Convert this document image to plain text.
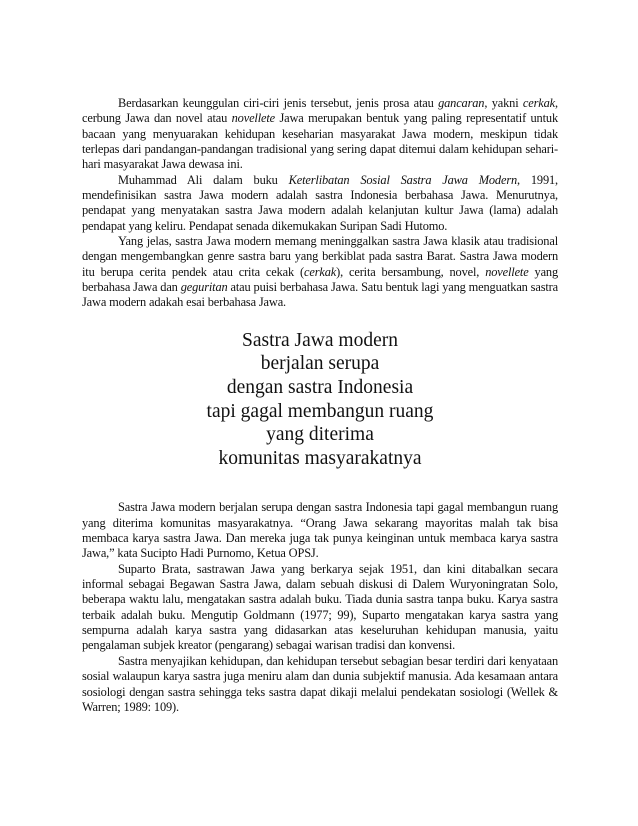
Berdasarkan keunggulan ciri-ciri jenis tersebut, jenis prosa atau gancaran, yakni cerkak, cerbung Jawa dan novel atau novellete Jawa merupakan bentuk yang paling representatif untuk bacaan yang menyuarakan kehidupan keseharian masyarakat Jawa modern, meskipun tidak terlepas dari pandangan-pandangan tradisional yang sering dapat ditemui dalam kehidupan sehari-hari masyarakat Jawa dewasa ini.

Muhammad Ali dalam buku Keterlibatan Sosial Sastra Jawa Modern, 1991, mendefinisikan sastra Jawa modern adalah sastra Indonesia berbahasa Jawa. Menurutnya, pendapat yang menyatakan sastra Jawa modern adalah kelanjutan kultur Jawa (lama) adalah pendapat yang keliru. Pendapat senada dikemukakan Suripan Sadi Hutomo.

Yang jelas, sastra Jawa modern memang meninggalkan sastra Jawa klasik atau tradisional dengan mengembangkan genre sastra baru yang berkiblat pada sastra Barat. Sastra Jawa modern itu berupa cerita pendek atau crita cekak (cerkak), cerita bersambung, novel, novellete yang berbahasa Jawa dan geguritan atau puisi berbahasa Jawa. Satu bentuk lagi yang menguatkan sastra Jawa modern adakah esai berbahasa Jawa.

Sastra Jawa modern
berjalan serupa
dengan sastra Indonesia
tapi gagal membangun ruang
yang diterima
komunitas masyarakatnya

Sastra Jawa modern berjalan serupa dengan sastra Indonesia tapi gagal membangun ruang yang diterima komunitas masyarakatnya. “Orang Jawa sekarang mayoritas malah tak bisa membaca karya sastra Jawa. Dan mereka juga tak punya keinginan untuk membaca karya sastra Jawa,” kata Sucipto Hadi Purnomo, Ketua OPSJ.

Suparto Brata, sastrawan Jawa yang berkarya sejak 1951, dan kini ditabalkan secara informal sebagai Begawan Sastra Jawa, dalam sebuah diskusi di Dalem Wuryoningratan Solo, beberapa waktu lalu, mengatakan sastra adalah buku. Tiada dunia sastra tanpa buku. Karya sastra terbaik adalah buku. Mengutip Goldmann (1977; 99), Suparto mengatakan karya sastra yang sempurna adalah karya sastra yang didasarkan atas keseluruhan kehidupan manusia, yaitu pengalaman subjek kreator (pengarang) sebagai warisan tradisi dan konvensi.

Sastra menyajikan kehidupan, dan kehidupan tersebut sebagian besar terdiri dari kenyataan sosial walaupun karya sastra juga meniru alam dan dunia subjektif manusia. Ada kesamaan antara sosiologi dengan sastra sehingga teks sastra dapat dikaji melalui pendekatan sosiologi (Wellek & Warren; 1989: 109).
